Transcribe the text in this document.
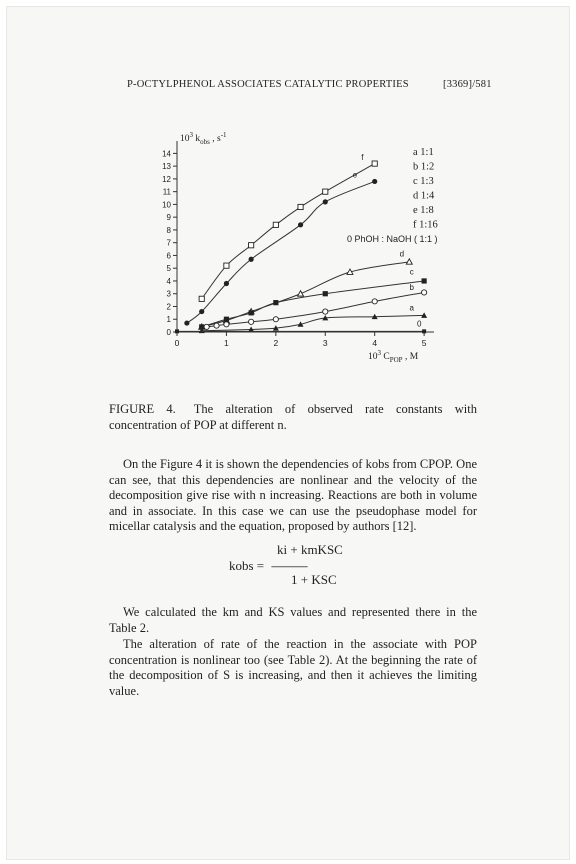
P-OCTYLPHENOL ASSOCIATES CATALYTIC PROPERTIES	[3369]/581
0
1
2
3
4
5
6
7
8
9
10
11
12
13
14
0	1	2	3	4	5
$10^3$ $k_{obs}$ , $s^{-1}$
$10^3$ $C_{POP}$ , M
f
e
d
c
b
a
0
a 1:1
b 1:2
c 1:3
d 1:4
e 1:8
f 1:16
0 PhOH : NaOH ( 1:1 )
FIGURE 4. The alteration of observed rate constants with concentration of POP at different n.
On the Figure 4 it is shown the dependencies of kobs from CPOP. One can see, that this dependencies are nonlinear and the velocity of the decomposition give rise with n increasing. Reactions are both in volume and in associate. In this case we can use the pseudophase model for micellar catalysis and the equation, proposed by authors [12].
kobs =
ki + kmKSC
------------------
1 + KSC
We calculated the km and KS values and represented there in the Table 2.
The alteration of rate of the reaction in the associate with POP concentration is nonlinear too (see Table 2). At the beginning the rate of the decomposition of S is increasing, and then it achieves the limiting value.
